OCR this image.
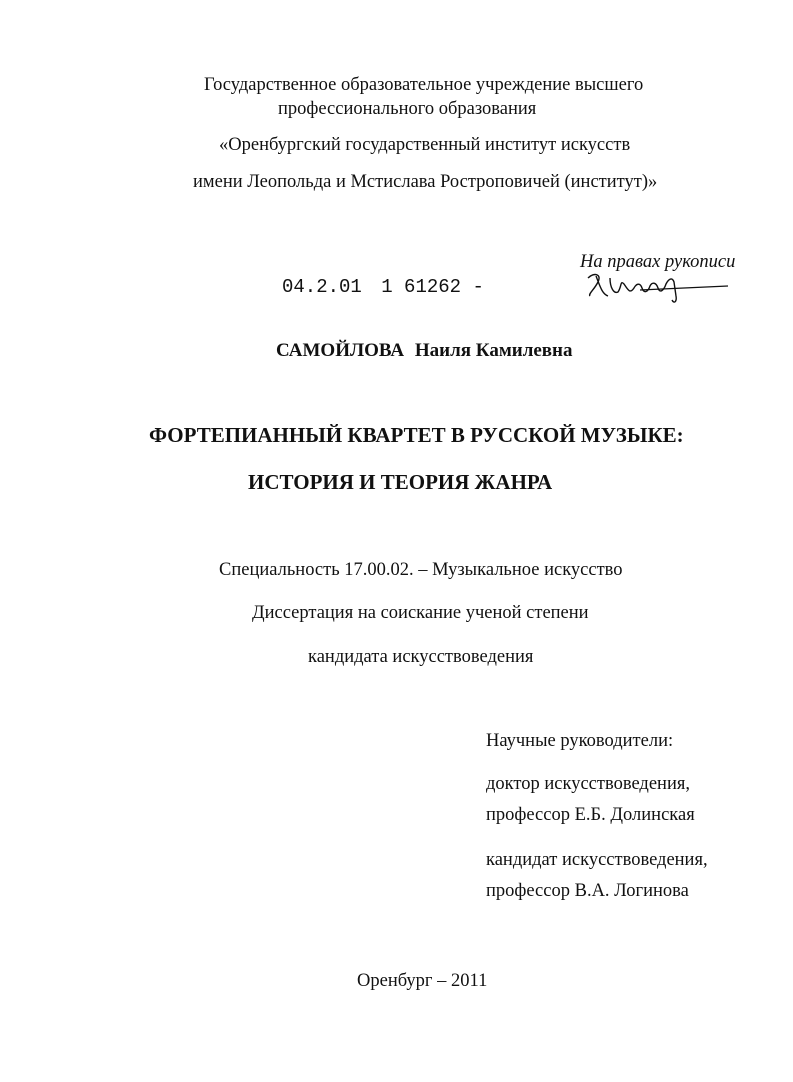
Государственное образовательное учреждение высшего
профессионального образования
«Оренбургский государственный институт искусств
имени Леопольда и Мстислава Ростроповичей (институт)»
На правах рукописи
04.2.01 1 61262 -
САМОЙЛОВА Наиля Камилевна
ФОРТЕПИАННЫЙ КВАРТЕТ В РУССКОЙ МУЗЫКЕ:
ИСТОРИЯ И ТЕОРИЯ ЖАНРА
Специальность 17.00.02. – Музыкальное искусство
Диссертация на соискание ученой степени
кандидата искусствоведения
Научные руководители:
доктор искусствоведения,
профессор Е.Б. Долинская
кандидат искусствоведения,
профессор В.А. Логинова
Оренбург – 2011
